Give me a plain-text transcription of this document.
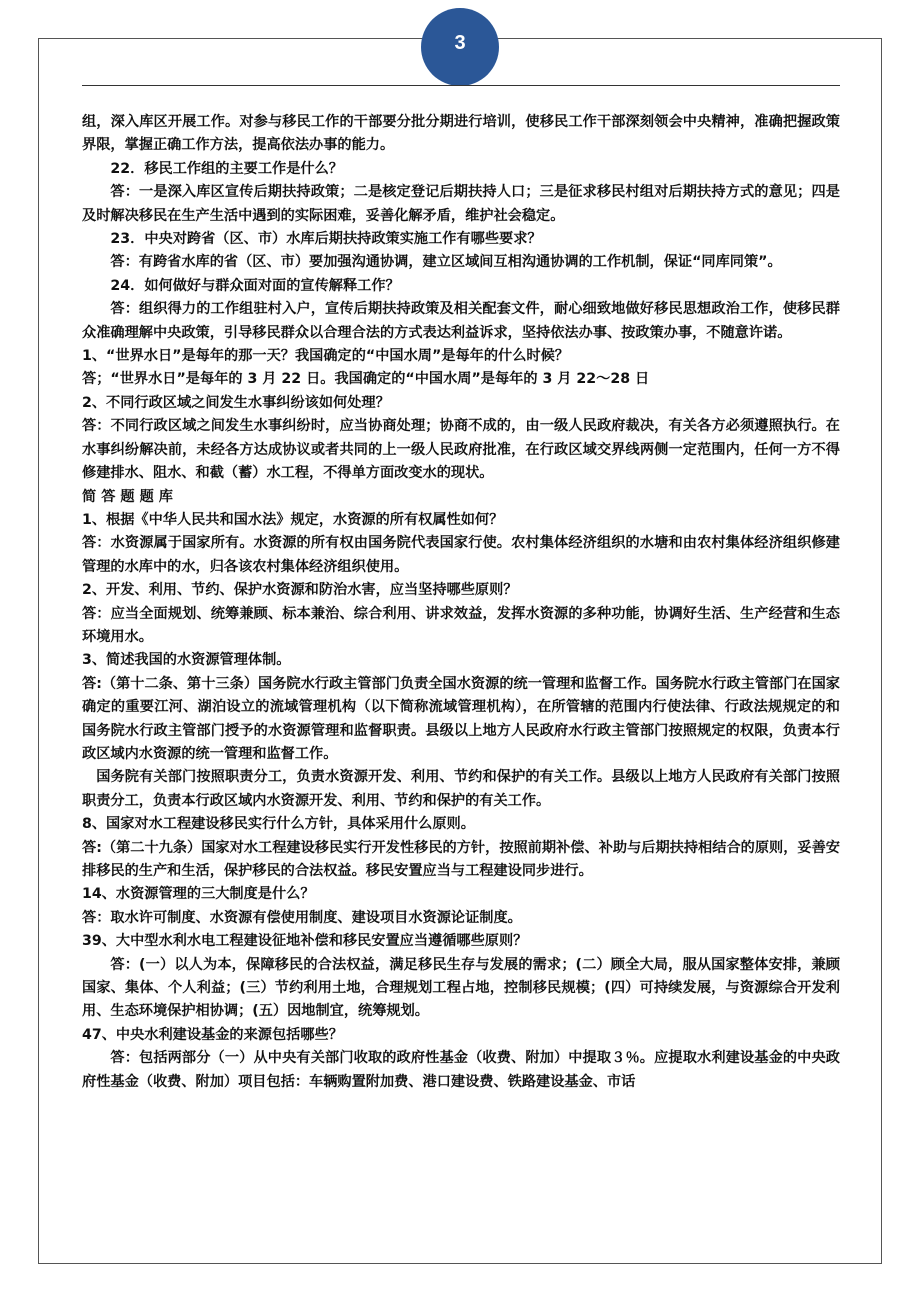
3

组，深入库区开展工作。对参与移民工作的干部要分批分期进行培训，使移民工作干部深刻领会中央精神，准确把握政策界限，掌握正确工作方法，提高依法办事的能力。

22．移民工作组的主要工作是什么？

答：一是深入库区宣传后期扶持政策；二是核定登记后期扶持人口；三是征求移民村组对后期扶持方式的意见；四是及时解决移民在生产生活中遇到的实际困难，妥善化解矛盾，维护社会稳定。

23．中央对跨省（区、市）水库后期扶持政策实施工作有哪些要求？

答：有跨省水库的省（区、市）要加强沟通协调，建立区域间互相沟通协调的工作机制，保证“同库同策”。

24．如何做好与群众面对面的宣传解释工作？

答：组织得力的工作组驻村入户，宣传后期扶持政策及相关配套文件，耐心细致地做好移民思想政治工作，使移民群众准确理解中央政策，引导移民群众以合理合法的方式表达利益诉求，坚持依法办事、按政策办事，不随意许诺。

1、“世界水日”是每年的那一天？我国确定的“中国水周”是每年的什么时候？

答；“世界水日”是每年的 3 月 22 日。我国确定的“中国水周”是每年的 3 月 22～28 日

2、不同行政区域之间发生水事纠纷该如何处理？

答：不同行政区域之间发生水事纠纷时，应当协商处理；协商不成的，由一级人民政府裁决，有关各方必须遵照执行。在水事纠纷解决前，未经各方达成协议或者共同的上一级人民政府批准，在行政区域交界线两侧一定范围内，任何一方不得修建排水、阻水、和截（蓄）水工程，不得单方面改变水的现状。

简答题题库

1、根据《中华人民共和国水法》规定，水资源的所有权属性如何？

答：水资源属于国家所有。水资源的所有权由国务院代表国家行使。农村集体经济组织的水塘和由农村集体经济组织修建管理的水库中的水，归各该农村集体经济组织使用。

2、开发、利用、节约、保护水资源和防治水害，应当坚持哪些原则？

答：应当全面规划、统筹兼顾、标本兼治、综合利用、讲求效益，发挥水资源的多种功能，协调好生活、生产经营和生态环境用水。

3、简述我国的水资源管理体制。

答:（第十二条、第十三条）国务院水行政主管部门负责全国水资源的统一管理和监督工作。国务院水行政主管部门在国家确定的重要江河、湖泊设立的流域管理机构（以下简称流域管理机构），在所管辖的范围内行使法律、行政法规规定的和国务院水行政主管部门授予的水资源管理和监督职责。县级以上地方人民政府水行政主管部门按照规定的权限，负责本行政区域内水资源的统一管理和监督工作。

国务院有关部门按照职责分工，负责水资源开发、利用、节约和保护的有关工作。县级以上地方人民政府有关部门按照职责分工，负责本行政区域内水资源开发、利用、节约和保护的有关工作。

8、国家对水工程建设移民实行什么方针，具体采用什么原则。

答:（第二十九条）国家对水工程建设移民实行开发性移民的方针，按照前期补偿、补助与后期扶持相结合的原则，妥善安排移民的生产和生活，保护移民的合法权益。移民安置应当与工程建设同步进行。

14、水资源管理的三大制度是什么？

答：取水许可制度、水资源有偿使用制度、建设项目水资源论证制度。

39、大中型水利水电工程建设征地补偿和移民安置应当遵循哪些原则？

答：(一）以人为本，保障移民的合法权益，满足移民生存与发展的需求；(二）顾全大局，服从国家整体安排，兼顾国家、集体、个人利益；(三）节约利用土地，合理规划工程占地，控制移民规模；(四）可持续发展，与资源综合开发利用、生态环境保护相协调；(五）因地制宜，统筹规划。

47、中央水利建设基金的来源包括哪些？

答：包括两部分（一）从中央有关部门收取的政府性基金（收费、附加）中提取３％。应提取水利建设基金的中央政府性基金（收费、附加）项目包括：车辆购置附加费、港口建设费、铁路建设基金、市话
